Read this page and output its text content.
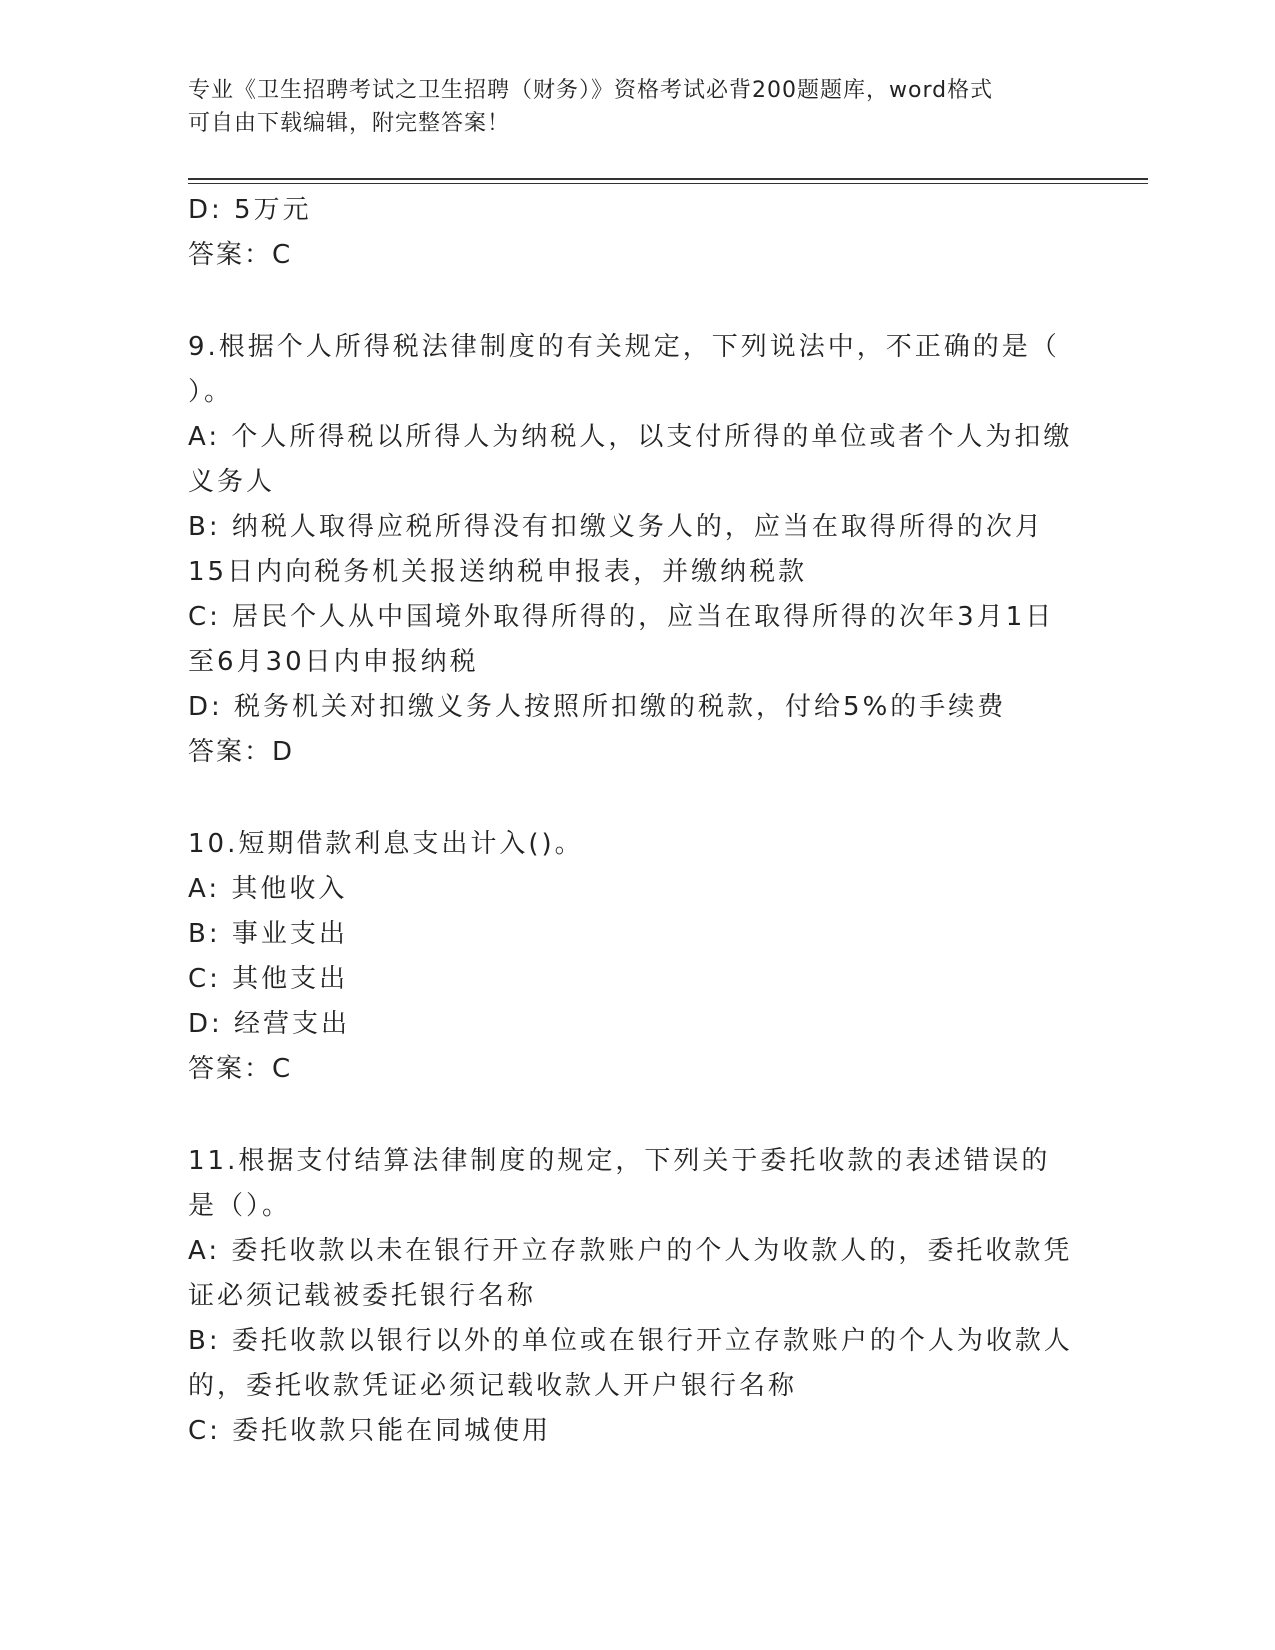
专业《卫生招聘考试之卫生招聘（财务）》资格考试必背200题题库，word格式
可自由下载编辑，附完整答案！

D: 5万元

答案：C

9.根据个人所得税法律制度的有关规定，下列说法中，不正确的是（ ）。

A: 个人所得税以所得人为纳税人，以支付所得的单位或者个人为扣缴义务人

B: 纳税人取得应税所得没有扣缴义务人的，应当在取得所得的次月15日内向税务机关报送纳税申报表，并缴纳税款

C: 居民个人从中国境外取得所得的，应当在取得所得的次年3月1日至6月30日内申报纳税

D: 税务机关对扣缴义务人按照所扣缴的税款，付给5%的手续费

答案：D

10.短期借款利息支出计入()。

A: 其他收入

B: 事业支出

C: 其他支出

D: 经营支出

答案：C

11.根据支付结算法律制度的规定，下列关于委托收款的表述错误的是（）。

A: 委托收款以未在银行开立存款账户的个人为收款人的，委托收款凭证必须记载被委托银行名称

B: 委托收款以银行以外的单位或在银行开立存款账户的个人为收款人的，委托收款凭证必须记载收款人开户银行名称

C: 委托收款只能在同城使用
